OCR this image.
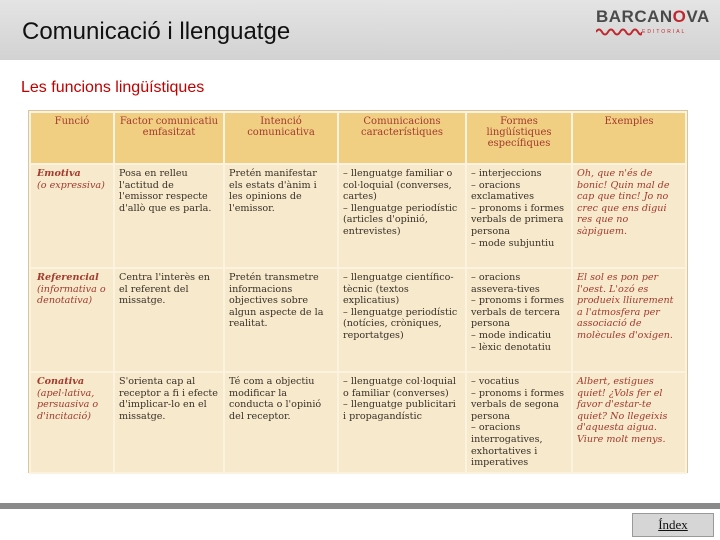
Comunicació i llenguatge
BARCANOVA
EDITORIAL
Les funcions lingüístiques
Funció	Factor comunicatiu emfasitzat	Intenció comunicativa	Comunicacions característiques	Formes lingüístiques específiques	Exemples

Emotiva
(o expressiva)	Posa en relleu l'actitud de l'emissor respecte d'allò que es parla.	Pretén manifestar els estats d'ànim i les opinions de l'emissor.	– llenguatge familiar o col·loquial (converses, cartes)
– llenguatge periodístic (articles d'opinió, entrevistes)	– interjeccions
– oracions exclamatives
– pronoms i formes verbals de primera persona
– mode subjuntiu	Oh, que n'és de bonic! Quin mal de cap que tinc! Jo no crec que ens digui res que no sàpiguem.

Referencial
(informativa o denotativa)	Centra l'interès en el referent del missatge.	Pretén transmetre informacions objectives sobre algun aspecte de la realitat.	– llenguatge científico-tècnic (textos explicatius)
– llenguatge periodístic (notícies, cròniques, reportatges)	– oracions assevera-tives
– pronoms i formes verbals de tercera persona
– mode indicatiu
– lèxic denotatiu	El sol es pon per l'oest. L'ozó es produeix lliurement a l'atmosfera per associació de molècules d'oxigen.

Conativa
(apel·lativa, persuasiva o d'incitació)	S'orienta cap al receptor a fi i efecte d'implicar-lo en el missatge.	Té com a objectiu modificar la conducta o l'opinió del receptor.	– llenguatge col·loquial o familiar (converses)
– llenguatge publicitari i propagandístic	– vocatius
– pronoms i formes verbals de segona persona
– oracions interrogatives, exhortatives i imperatives	Albert, estigues quiet! ¿Vols fer el favor d'estar-te quiet? No llegeixis d'aquesta aigua. Viure molt menys.
Índex
